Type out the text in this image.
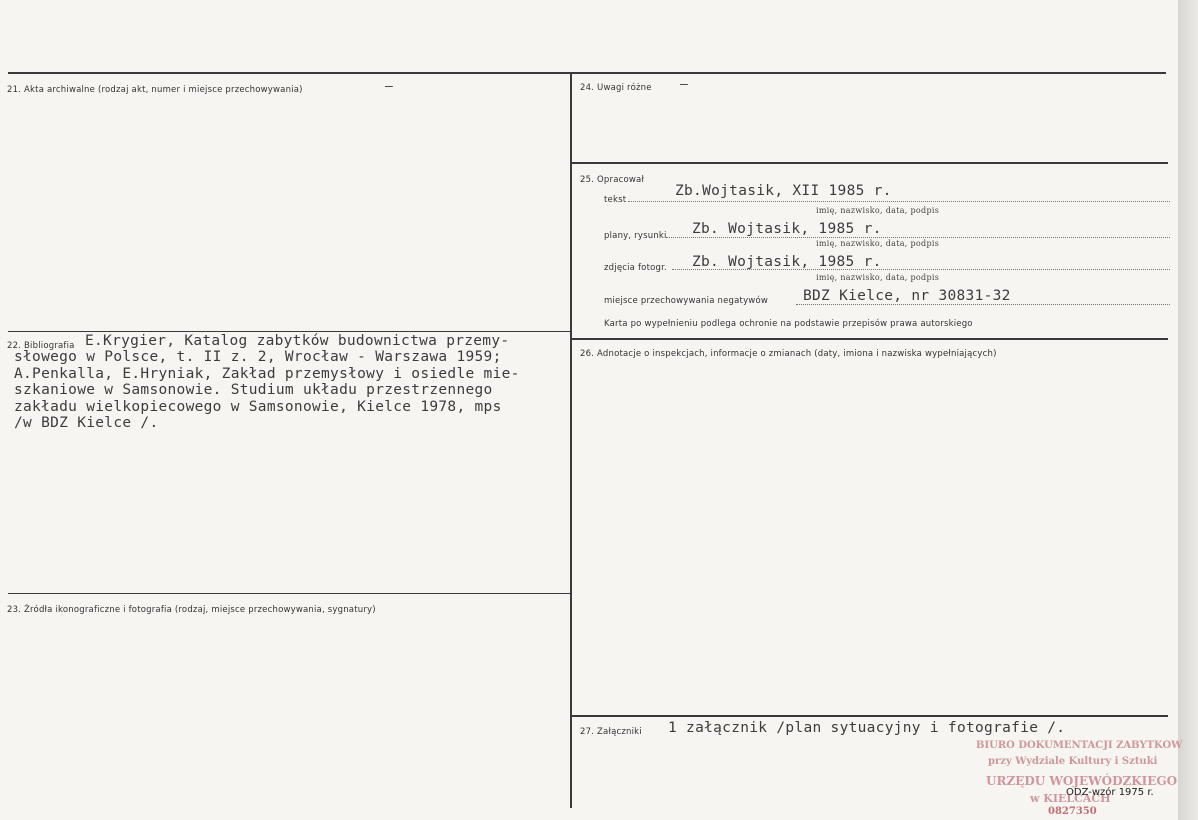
21. Akta archiwalne (rodzaj akt, numer i miejsce przechowywania)	–
22. Bibliografia E.Krygier, Katalog zabytków budownictwa przemy-
słowego w Polsce, t. II z. 2, Wrocław - Warszawa 1959;
A.Penkalla, E.Hryniak, Zakład przemysłowy i osiedle mie-
szkaniowe w Samsonowie. Studium układu przestrzennego
zakładu wielkopiecowego w Samsonowie, Kielce 1978, mps
/w BDZ Kielce /.
23. Źródła ikonograficzne i fotografia (rodzaj, miejsce przechowywania, sygnatury)
24. Uwagi różne –
25. Opracował
tekst
Zb.Wojtasik, XII 1985 r.
imię, nazwisko, data, podpis
plany, rysunki Zb. Wojtasik, 1985 r.
imię, nazwisko, data, podpis
zdjęcia fotogr. Zb. Wojtasik, 1985 r.
imię, nazwisko, data, podpis
miejsce przechowywania negatywów BDZ Kielce, nr 30831-32
Karta po wypełnieniu podlega ochronie na podstawie przepisów prawa autorskiego
26. Adnotacje o inspekcjach, informacje o zmianach (daty, imiona i nazwiska wypełniających)
27. Załączniki 1 załącznik /plan sytuacyjny i fotografie /.
BIURO DOKUMENTACJI ZABYTKÓW
przy Wydziale Kultury i Sztuki
URZĘDU WOJEWÓDZKIEGO
w KIELCACH
0827350
ODZ-wzór 1975 r.
